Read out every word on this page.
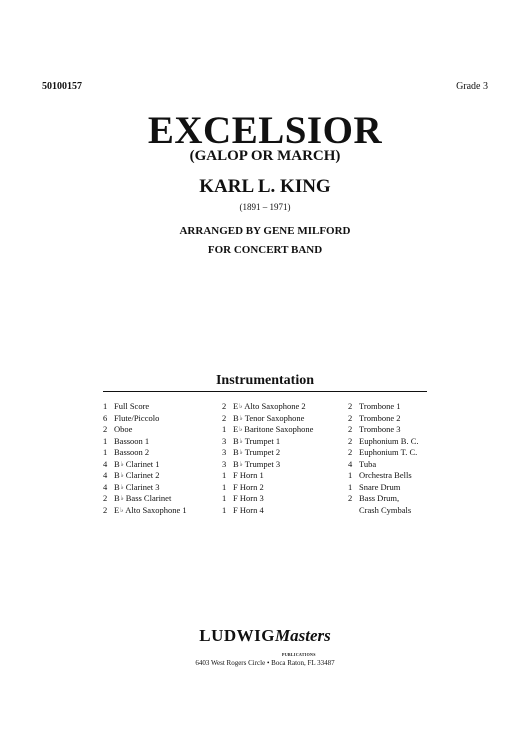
50100157	Grade 3
EXCELSIOR
(GALOP OR MARCH)
KARL L. KING
(1891 – 1971)
ARRANGED BY GENE MILFORD
FOR CONCERT BAND
Instrumentation
1 Full Score
6 Flute/Piccolo
2 Oboe
1 Bassoon 1
1 Bassoon 2
4 B ♭ Clarinet 1
4 B ♭ Clarinet 2
4 B ♭ Clarinet 3
2 B ♭ Bass Clarinet
2 E ♭ Alto Saxophone 1
2 E ♭ Alto Saxophone 2
2 B ♭ Tenor Saxophone
1 E ♭ Baritone Saxophone
3 B ♭ Trumpet 1
3 B ♭ Trumpet 2
3 B ♭ Trumpet 3
1 F Horn 1
1 F Horn 2
1 F Horn 3
1 F Horn 4
2 Trombone 1
2 Trombone 2
2 Trombone 3
2 Euphonium B. C.
2 Euphonium T. C.
4 Tuba
1 Orchestra Bells
1 Snare Drum
2 Bass Drum,
Crash Cymbals
LUDWIGMasters
PUBLICATIONS
6403 West Rogers Circle • Boca Raton, FL 33487
